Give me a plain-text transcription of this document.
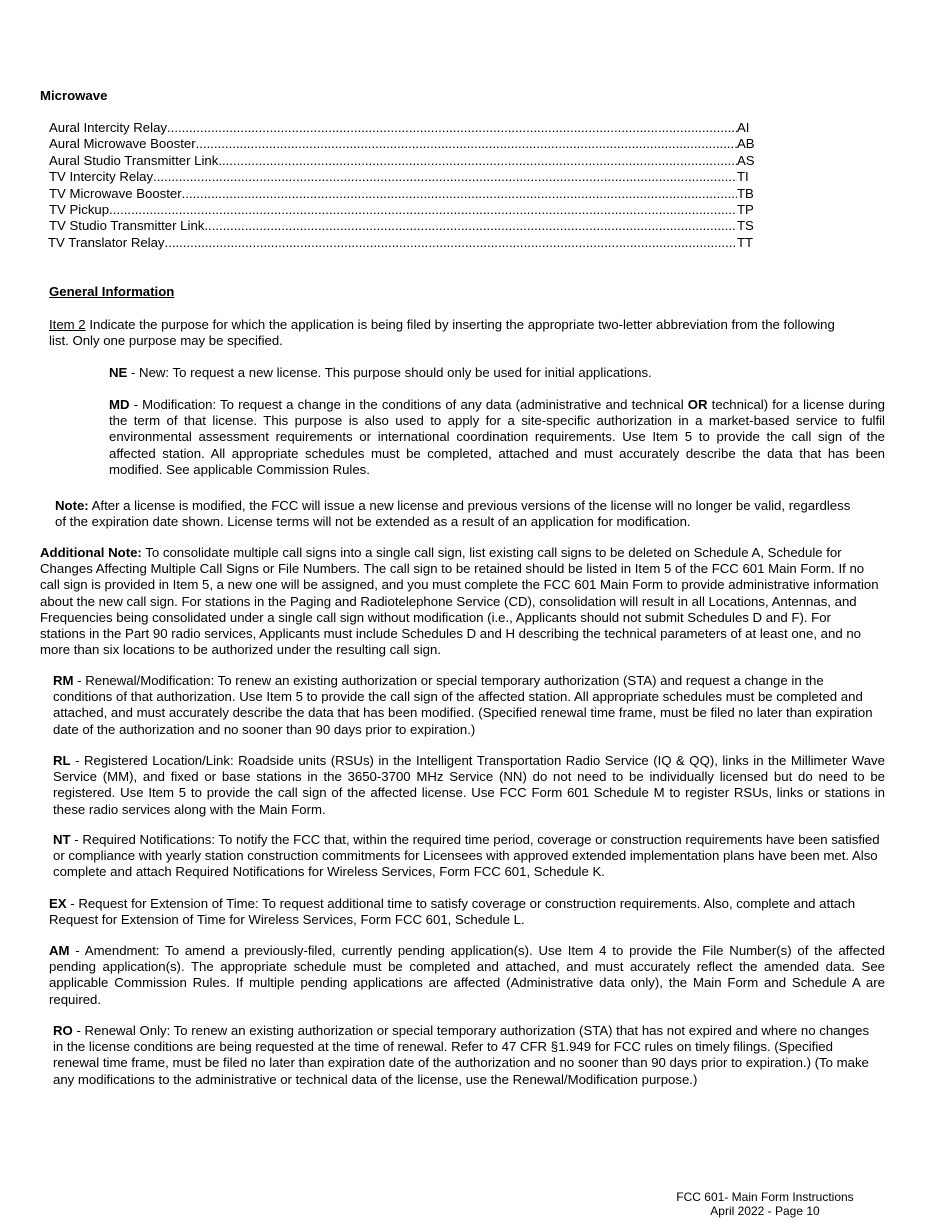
Microwave
Aural Intercity Relay .....	AI
Aural Microwave Booster .....	AB
Aural Studio Transmitter Link .....	AS
TV Intercity Relay .....	TI
TV Microwave Booster .....	TB
TV Pickup .....	TP
TV Studio Transmitter Link .....	TS
TV Translator Relay .....	TT
General Information

Item 2 Indicate the purpose for which the application is being filed by inserting the appropriate two-letter abbreviation from the following list. Only one purpose may be specified.

NE - New: To request a new license. This purpose should only be used for initial applications.

MD - Modification: To request a change in the conditions of any data (administrative and technical OR technical) for a license during the term of that license. This purpose is also used to apply for a site-specific authorization in a market-based service to fulfil environmental assessment requirements or international coordination requirements. Use Item 5 to provide the call sign of the affected station. All appropriate schedules must be completed, attached and must accurately describe the data that has been modified. See applicable Commission Rules.

Note: After a license is modified, the FCC will issue a new license and previous versions of the license will no longer be valid, regardless of the expiration date shown. License terms will not be extended as a result of an application for modification.

Additional Note: To consolidate multiple call signs into a single call sign, list existing call signs to be deleted on Schedule A, Schedule for Changes Affecting Multiple Call Signs or File Numbers. The call sign to be retained should be listed in Item 5 of the FCC 601 Main Form. If no call sign is provided in Item 5, a new one will be assigned, and you must complete the FCC 601 Main Form to provide administrative information about the new call sign. For stations in the Paging and Radiotelephone Service (CD), consolidation will result in all Locations, Antennas, and Frequencies being consolidated under a single call sign without modification (i.e., Applicants should not submit Schedules D and F). For stations in the Part 90 radio services, Applicants must include Schedules D and H describing the technical parameters of at least one, and no more than six locations to be authorized under the resulting call sign.

RM - Renewal/Modification: To renew an existing authorization or special temporary authorization (STA) and request a change in the conditions of that authorization. Use Item 5 to provide the call sign of the affected station. All appropriate schedules must be completed and attached, and must accurately describe the data that has been modified. (Specified renewal time frame, must be filed no later than expiration date of the authorization and no sooner than 90 days prior to expiration.)

RL - Registered Location/Link: Roadside units (RSUs) in the Intelligent Transportation Radio Service (IQ & QQ), links in the Millimeter Wave Service (MM), and fixed or base stations in the 3650-3700 MHz Service (NN) do not need to be individually licensed but do need to be registered. Use Item 5 to provide the call sign of the affected license. Use FCC Form 601 Schedule M to register RSUs, links or stations in these radio services along with the Main Form.

NT - Required Notifications: To notify the FCC that, within the required time period, coverage or construction requirements have been satisfied or compliance with yearly station construction commitments for Licensees with approved extended implementation plans have been met. Also complete and attach Required Notifications for Wireless Services, Form FCC 601, Schedule K.

EX - Request for Extension of Time: To request additional time to satisfy coverage or construction requirements. Also, complete and attach Request for Extension of Time for Wireless Services, Form FCC 601, Schedule L.

AM - Amendment: To amend a previously-filed, currently pending application(s). Use Item 4 to provide the File Number(s) of the affected pending application(s). The appropriate schedule must be completed and attached, and must accurately reflect the amended data. See applicable Commission Rules. If multiple pending applications are affected (Administrative data only), the Main Form and Schedule A are required.

RO - Renewal Only: To renew an existing authorization or special temporary authorization (STA) that has not expired and where no changes in the license conditions are being requested at the time of renewal. Refer to 47 CFR §1.949 for FCC rules on timely filings. (Specified renewal time frame, must be filed no later than expiration date of the authorization and no sooner than 90 days prior to expiration.) (To make any modifications to the administrative or technical data of the license, use the Renewal/Modification purpose.)

FCC 601- Main Form Instructions
April 2022 - Page 10
